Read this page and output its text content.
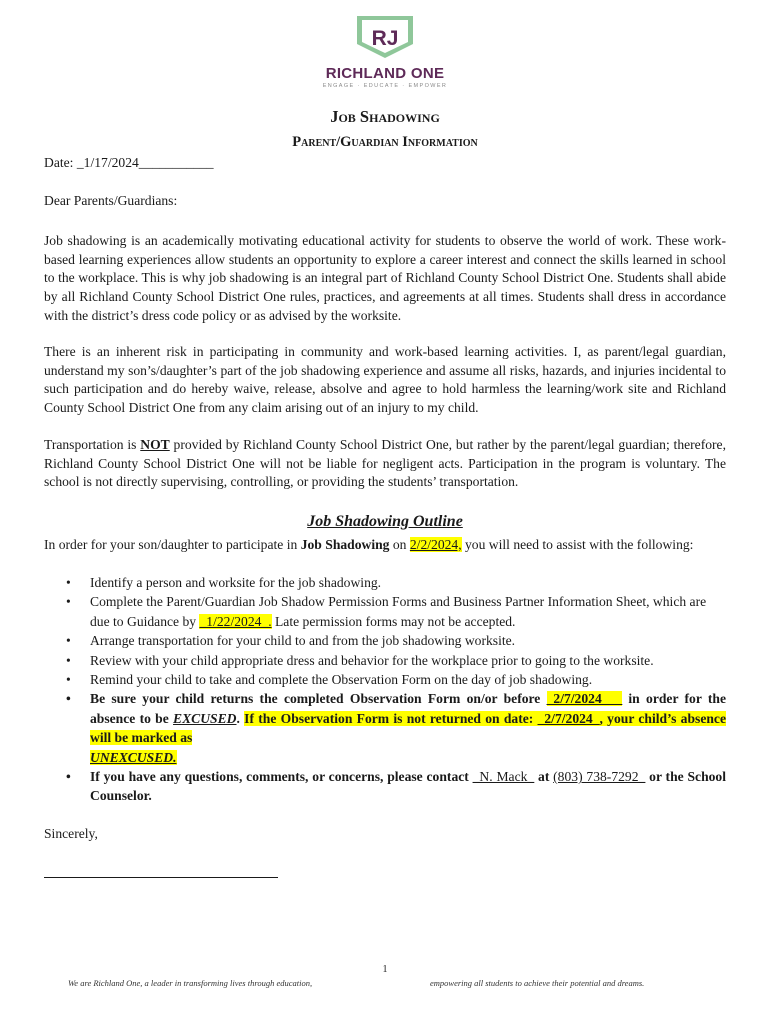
RJ
RICHLAND ONE
ENGAGE · EDUCATE · EMPOWER
Job Shadowing
Parent/Guardian Information
Date: _1/17/2024___________
Dear Parents/Guardians:
Job shadowing is an academically motivating educational activity for students to observe the world of work. These work-based learning experiences allow students an opportunity to explore a career interest and connect the skills learned in school to the workplace. This is why job shadowing is an integral part of Richland County School District One. Students shall abide by all Richland County School District One rules, practices, and agreements at all times. Students shall dress in accordance with the district’s dress code policy or as advised by the worksite.
There is an inherent risk in participating in community and work-based learning activities. I, as parent/legal guardian, understand my son’s/daughter’s part of the job shadowing experience and assume all risks, hazards, and injuries incidental to such participation and do hereby waive, release, absolve and agree to hold harmless the learning/work site and Richland County School District One from any claim arising out of an injury to my child.
Transportation is NOT provided by Richland County School District One, but rather by the parent/legal guardian; therefore, Richland County School District One will not be liable for negligent acts. Participation in the program is voluntary. The school is not directly supervising, controlling, or providing the students’ transportation.
Job Shadowing Outline
In order for your son/daughter to participate in Job Shadowing on 2/2/2024, you will need to assist with the following:
• Identify a person and worksite for the job shadowing.
• Complete the Parent/Guardian Job Shadow Permission Forms and Business Partner Information Sheet, which are due to Guidance by _1/22/2024_. Late permission forms may not be accepted.
• Arrange transportation for your child to and from the job shadowing worksite.
• Review with your child appropriate dress and behavior for the workplace prior to going to the worksite.
• Remind your child to take and complete the Observation Form on the day of job shadowing.
• Be sure your child returns the completed Observation Form on/or before _2/7/2024___ in order for the absence to be EXCUSED. If the Observation Form is not returned on date: _2/7/2024_, your child’s absence will be marked as
UNEXCUSED.
• If you have any questions, comments, or concerns, please contact _N. Mack_ at (803) 738-7292_ or the School Counselor.
Sincerely,
1
We are Richland One, a leader in transforming lives through education,	empowering all students to achieve their potential and dreams.
